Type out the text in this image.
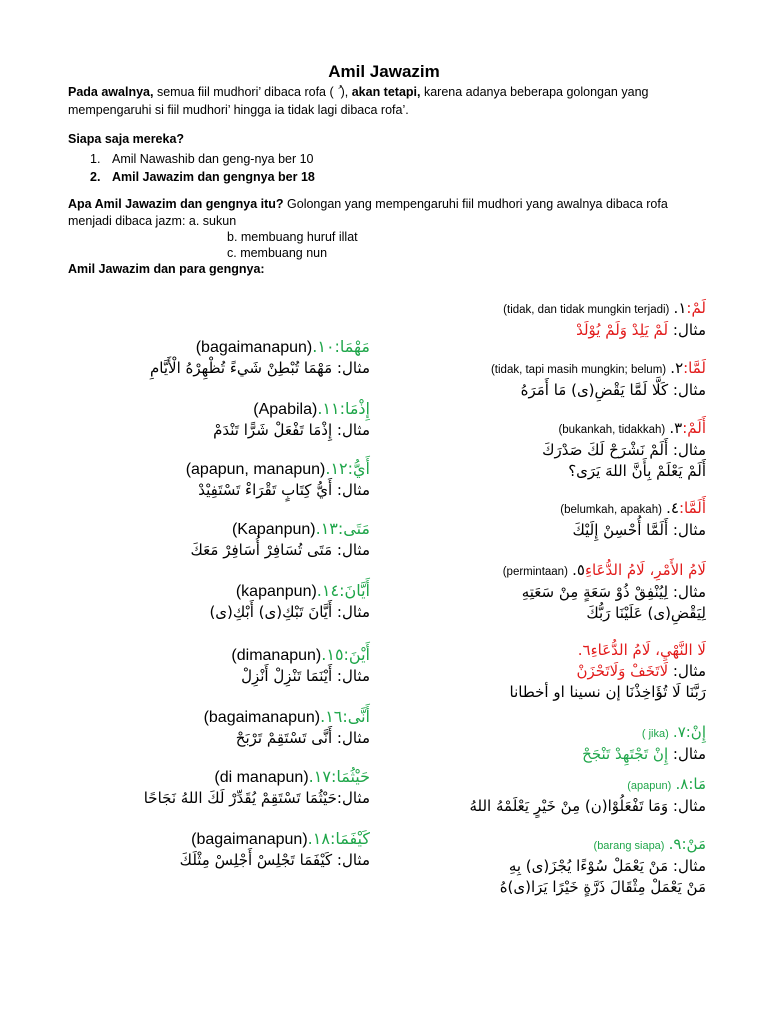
Amil Jawazim
Pada awalnya, semua fiil mudhori’ dibaca rofa ( ), akan tetapi, karena adanya beberapa golongan yang mempengaruhi si fiil mudhori’ hingga ia tidak lagi dibaca rofa’.
Siapa saja mereka?
1. Amil Nawashib dan geng-nya ber 10
2. Amil Jawazim dan gengnya ber 18
Apa Amil Jawazim dan gengnya itu? Golongan yang mempengaruhi fiil mudhori yang awalnya dibaca rofa menjadi dibaca jazm: a. sukun
b. membuang huruf illat
c. membuang nun
Amil Jawazim dan para gengnya:
(tidak, dan tidak mungkin terjadi) لَمْ:١.
مثال: لَمْ يَلِدْ وَلَمْ يُوْلَدْ
(tidak, tapi masih mungkin; belum) لَمَّا:٢.
مثال: كَلَّا لَمَّا يَقْضِ(ى) مَا أَمَرَهُ
(bukankah, tidakkah) أَلَمْ:٣.
مثال: أَلَمْ نَشْرَحْ لَكَ صَدْرَكَ
أَلَمْ يَعْلَمْ بِأَنَّ اللهَ يَرَى؟
(belumkah, apakah) أَلَمَّا:٤.
مثال: أَلَمَّا أُحْسِنْ إِلَيْكَ
(permintaan) لَامُ الأَمْرِ، لَامُ الدُّعَاءِ٥.
مثال: لِيُنْفِقْ ذُوْ سَعَةٍ مِنْ سَعَتِهِ
لِيَقْضِ(ى) عَلَيْنَا رَبُّكَ
لَا النَّهْيِ، لَامُ الدُّعَاءِ٦.
مثال: لَاتَخَفْ وَلَاتَحْزَنْ
رَبَّنَا لَا تُؤَاخِذْنَا إن نسينا او أخطانا
( jika) إِنْ:٧.
مثال: إِنْ تَجْتَهِدْ تَنْجَحْ
(apapun) مَا:٨.
مثال: وَمَا تَفْعَلُوْا(ن) مِنْ خَيْرٍ يَعْلَمْهُ اللهُ
(barang siapa) مَنْ:٩.
مثال: مَنْ يَعْمَلْ سُوْءًا يُجْزَ(ى) بِهِ
مَنْ يَعْمَلْ مِثْقَالَ ذَرَّةٍ خَيْرًا يَرَا(ى)هُ
(bagaimanapun) مَهْمَا:١٠.
مثال: مَهْمَا تُبْطِنْ شَيءً تُظْهِرْهُ الْأَيَّامِ
(Apabila) إِذْمَا:١١.
مثال: إِذْمَا تَفْعَلْ شَرًّا تَنْدَمْ
(apapun, manapun) أَيُّ:١٢.
مثال: أَيُّ كِتَابٍ تَقْرَاءْ تَسْتَفِيْدْ
(Kapanpun) مَتَى:١٣.
مثال: مَتَى تُسَافِرْ أُسَافِرْ مَعَكَ
(kapanpun) أَيَّانَ:١٤.
مثال: أَيَّانَ تَبْكِ(ى) أَبْكِ(ى)
(dimanapun) أَيْنَ:١٥.
مثال: أَيْنَمَا تَنْزِلْ أَنْزِلْ
(bagaimanapun) أَنَّى:١٦.
مثال: أَنَّى تَسْتَقِمْ تَرْبَحْ
(di manapun) حَيْثُمَا:١٧.
مثال:حَيْثُمَا تَسْتَقِمْ يُقَدِّرْ لَكَ اللهُ نَجَاحًا
(bagaimanapun) كَيْفَمَا:١٨.
مثال: كَيْفَمَا تَجْلِسْ أَجْلِسْ مِثْلَكَ
